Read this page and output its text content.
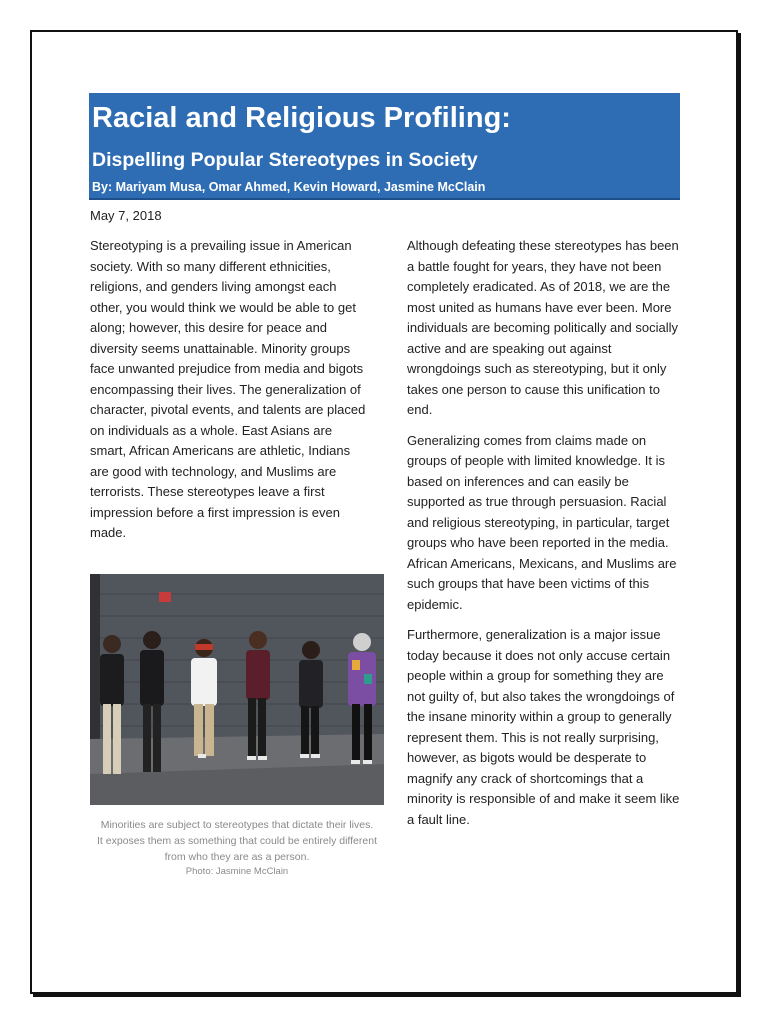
Racial and Religious Profiling:
Dispelling Popular Stereotypes in Society
By: Mariyam Musa, Omar Ahmed, Kevin Howard, Jasmine McClain
May 7, 2018

Stereotyping is a prevailing issue in American society. With so many different ethnicities, religions, and genders living amongst each other, you would think we would be able to get along; however, this desire for peace and diversity seems unattainable. Minority groups face unwanted prejudice from media and bigots encompassing their lives. The generalization of character, pivotal events, and talents are placed on individuals as a whole. East Asians are smart, African Americans are athletic, Indians are good with technology, and Muslims are terrorists. These stereotypes leave a first impression before a first impression is even made.

Minorities are subject to stereotypes that dictate their lives.
It exposes them as something that could be entirely different from who they are as a person.
Photo: Jasmine McClain

Although defeating these stereotypes has been a battle fought for years, they have not been completely eradicated. As of 2018, we are the most united as humans have ever been. More individuals are becoming politically and socially active and are speaking out against wrongdoings such as stereotyping, but it only takes one person to cause this unification to end.

Generalizing comes from claims made on groups of people with limited knowledge. It is based on inferences and can easily be supported as true through persuasion. Racial and religious stereotyping, in particular, target groups who have been reported in the media. African Americans, Mexicans, and Muslims are such groups that have been victims of this epidemic.

Furthermore, generalization is a major issue today because it does not only accuse certain people within a group for something they are not guilty of, but also takes the wrongdoings of the insane minority within a group to generally represent them. This is not really surprising, however, as bigots would be desperate to magnify any crack of shortcomings that a minority is responsible of and make it seem like a fault line.
